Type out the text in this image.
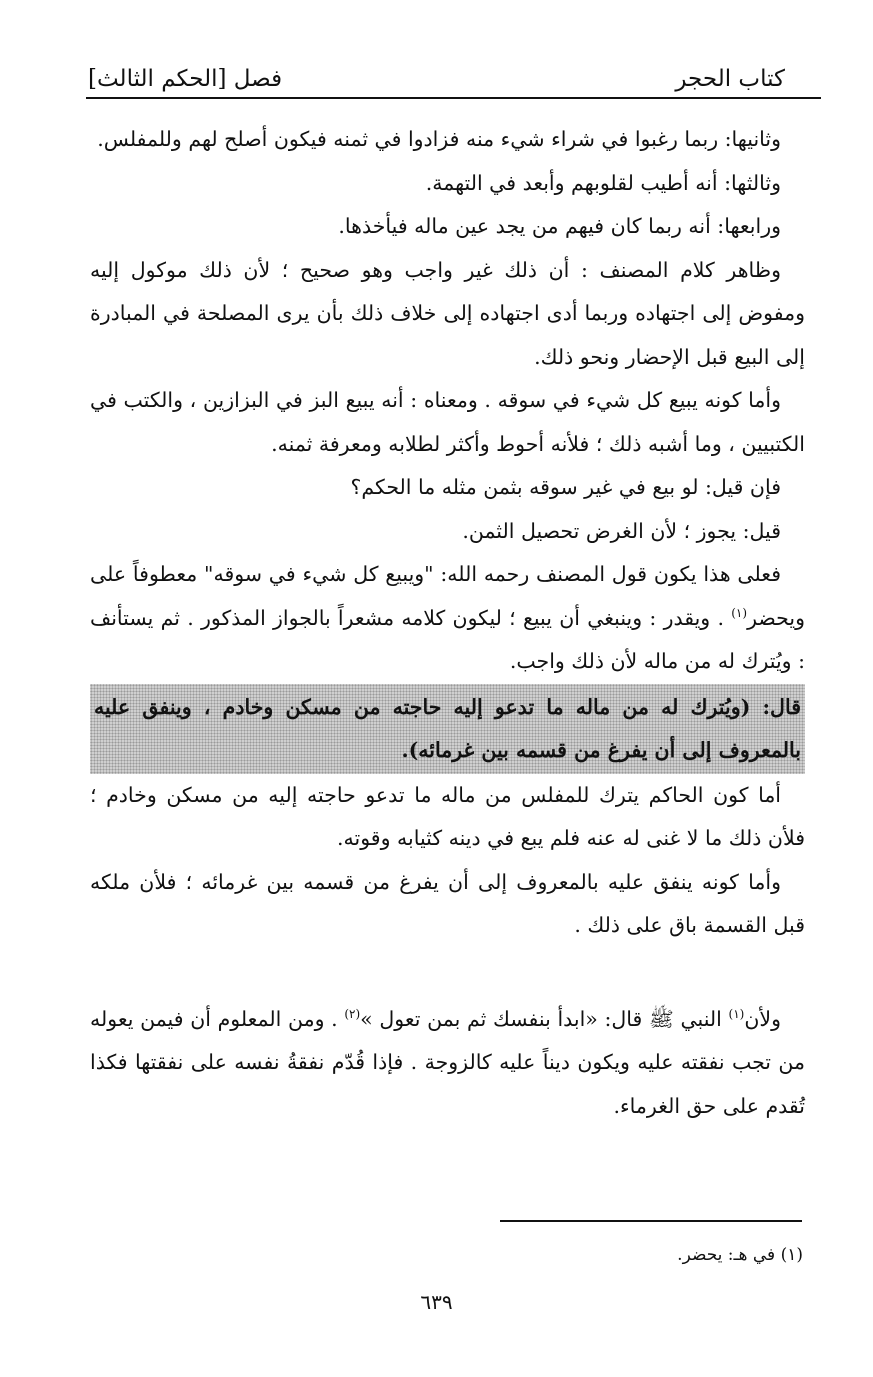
كتاب الحجر
فصل [الحكم الثالث]

وثانيها: ربما رغبوا في شراء شيء منه فزادوا في ثمنه فيكون أصلح لهم وللمفلس.

وثالثها: أنه أطيب لقلوبهم وأبعد في التهمة.

ورابعها: أنه ربما كان فيهم من يجد عين ماله فيأخذها.

وظاهر كلام المصنف : أن ذلك غير واجب وهو صحيح ؛ لأن ذلك موكول إليه ومفوض إلى اجتهاده وربما أدى اجتهاده إلى خلاف ذلك بأن يرى المصلحة في المبادرة إلى البيع قبل الإحضار ونحو ذلك.

وأما كونه يبيع كل شيء في سوقه . ومعناه : أنه يبيع البز في البزازين ، والكتب في الكتبيين ، وما أشبه ذلك ؛ فلأنه أحوط وأكثر لطلابه ومعرفة ثمنه.

فإن قيل: لو بيع في غير سوقه بثمن مثله ما الحكم؟

قيل: يجوز ؛ لأن الغرض تحصيل الثمن.

فعلى هذا يكون قول المصنف رحمه الله: "ويبيع كل شيء في سوقه" معطوفاً على ويحضر$^{(١)}$ . ويقدر : وينبغي أن يبيع ؛ ليكون كلامه مشعراً بالجواز المذكور . ثم يستأنف : ويُترك له من ماله لأن ذلك واجب.

قال: (ويُترك له من ماله ما تدعو إليه حاجته من مسكن وخادم ، وينفق عليه بالمعروف إلى أن يفرغ من قسمه بين غرمائه).

أما كون الحاكم يترك للمفلس من ماله ما تدعو حاجته إليه من مسكن وخادم ؛ فلأن ذلك ما لا غنى له عنه فلم يبع في دينه كثيابه وقوته.

وأما كونه ينفق عليه بالمعروف إلى أن يفرغ من قسمه بين غرمائه ؛ فلأن ملكه قبل القسمة باق على ذلك .

ولأن$^{(١)}$ النبي ﷺ قال: «ابدأ بنفسك ثم بمن تعول »$^{(٢)}$ . ومن المعلوم أن فيمن يعوله من تجب نفقته عليه ويكون ديناً عليه كالزوجة . فإذا قُدّم نفقةُ نفسه على نفقتها فكذا تُقدم على حق الغرماء.

(١) في هـ: يحضر.
٦٣٩
